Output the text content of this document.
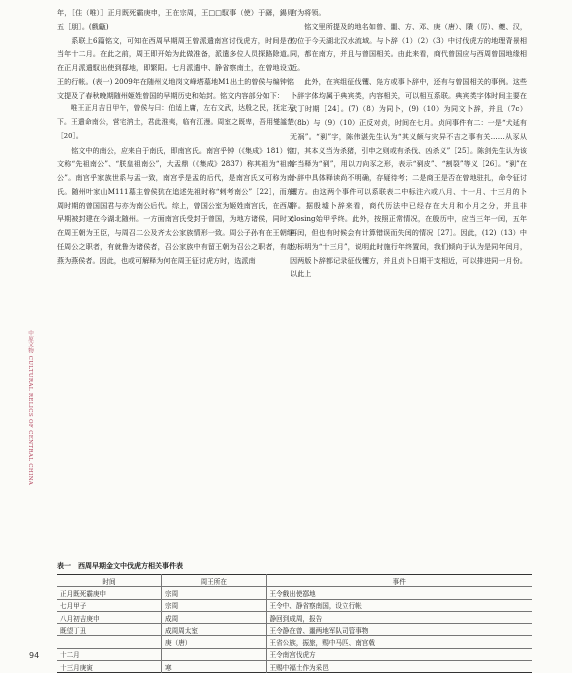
年，［住（唯）］正月既死霸庚申，王在宗周，王□□馭事（使）于繇，錫貝五［朋］。(戲甗)

系联上6篇铭文，可知在西周早期周王曾派遣南宫讨伐虎方，时间是在当年十二月。在此之前，周王即开始为此做准备，派遣多位人员探路除道。在正月派遣馭出使到鄀地，即繁阳。七月派遣中、静省察南土，在曾地设立王的行帐。(表一) 2009年在随州义地岗文峰塔墓地M1出土的曾侯与编钟铭文提及了春秋晚期随州姬姓曾国的早期历史和始封。铭文内容部分如下：

唯王正月吉日甲午，曾侯与曰：伯适上庸，左右文武，达殷之民，抚定天下。王遣命南公，营宅汭土，君此淮夷，临有江漫。周室之既卑，吾用燮謐楚［20］。

铭文中的南公，应来自于南氏，即南宫氏。南宫乎钟（《集成》181）铭文称“先祖南公”、“朕皇祖南公”，大盂鼎（《集成》2837）称其祖为“祖南公”。南宫乎家族世系与盂一致，南宫乎是盂的后代，是南宫氏又可称为南氏。随州叶家山M111墓主曾侯犺在追述先祖时称“剌考南公”［22］，而东周时期的曾国国君与亦为南公后代。综上，曾国公室为姬姓南宫氏，在西周早期被封建在今湖北随州。一方面南宫氏受封于曾国，为地方诸侯，同时又在周王朝为王臣，与周召二公及齐太公家族情形一致。周公子孙有在王朝继任周公之职者，有就鲁为诸侯者，召公家族中有留王朝为召公之职者，有赴燕为燕侯者。因此，也或可解释为何在周王征讨虎方时，选派南

宫为将领。

铭文里所提及的地名如曾、噩、方、邓、庚（唐）、隤（厉）、夔、汉，均位于今天湖北汉水流域。与卜辞（1）（2）（3）中讨伐虎方的地理背景相同，都在南方，并且与曾国相关。由此来看，商代曾国应与西周曾国地缘相近。

此外，在宾组征伐䦆、凫方或事卜辞中，还有与曾国相关的事例。这些卜辞字体均属于典宾类，内容相关，可以相互系联。典宾类字体时间主要在武丁时期［24］。(7)（8）为同卜，(9)（10）为同文卜辞，并且（7c）（8b）与（9）（10）正反对贞，时间在七月。贞问事件有二：一是“犬延有无祸”。“剢”字，陈伟湛先生认为“其义颇与灾异不吉之事有关……从豕从刀，其本义当为杀猪，引申之则或有杀伐、凶杀义”［25］。陈剑先生认为该字当释为“剢”，用以刀向豕之形，表示“剢皮”、“割裂”等义［26］。“剢”在卜辞中具体释读尚不明确，存疑待考；二是商王是否在曾地驻扎，命令征讨䦆方。由这两个事件可以系联表二中标注六或八月、十一月、十三月的卜辞。据殷墟卜辞来看，商代历法中已经存在大月和小月之分，并且非closing始甲乎终。此外，按照正常情况，在殷历中，应当三年一闰，五年再闰，但也有时候会有计算错误而失闰的情况［27］。因此，(12)（13）中均标明为“十三月”，说明此时施行年终置闰，我们倾向于认为是同年闰月，因两版卜辞都记录征伐䦆方，并且贞卜日期干支相近，可以排进同一月份。以此上

中原文物 CULTURAL RELICS OF CENTRAL CHINA
94
表一　西周早期金文中伐虎方相关事件表
时间	周王所在	事件
正月既死霸庚申	宗周	王令戲出使鄀地
七月甲子	宗周	王令中、静省察南国，设立行帐
八月初吉庚申	成周	静回到成周，报告
既望丁丑	成周周太室	王令静在曾、噩两地军队司管事物
	庚（唐）	王省公族，振旅，赐中马匹、南宫戟
十二月		王令南宫伐虎方
十三月庚寅	寒	王赐中褔土作为采邑
